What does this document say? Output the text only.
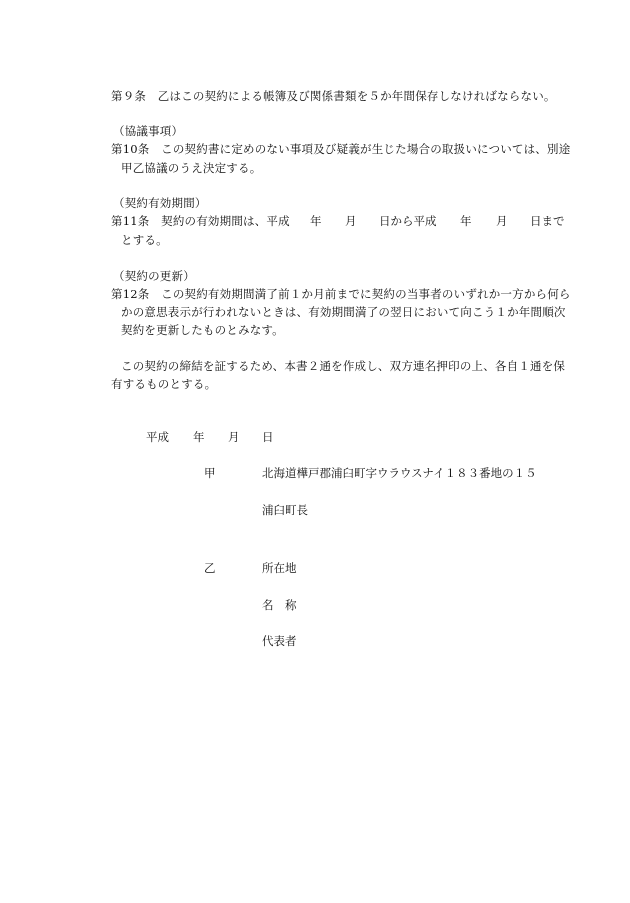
第９条　乙はこの契約による帳簿及び関係書類を５か年間保存しなければならない。
（協議事項）
第10条　この契約書に定めのない事項及び疑義が生じた場合の取扱いについては、別途
甲乙協議のうえ決定する。
（契約有効期間）
第11条　契約の有効期間は、平成 年 月 日から平成 年 月 日まで
とする。
（契約の更新）
第12条　この契約有効期間満了前１か月前までに契約の当事者のいずれか一方から何ら
かの意思表示が行われないときは、有効期間満了の翌日において向こう１か年間順次
契約を更新したものとみなす。
この契約の締結を証するため、本書２通を作成し、双方連名押印の上、各自１通を保
有するものとする。
平成 年 月 日
甲	北海道樺戸郡浦臼町字ウラウスナイ１８３番地の１５
浦臼町長
乙	所在地
名　称
代表者
